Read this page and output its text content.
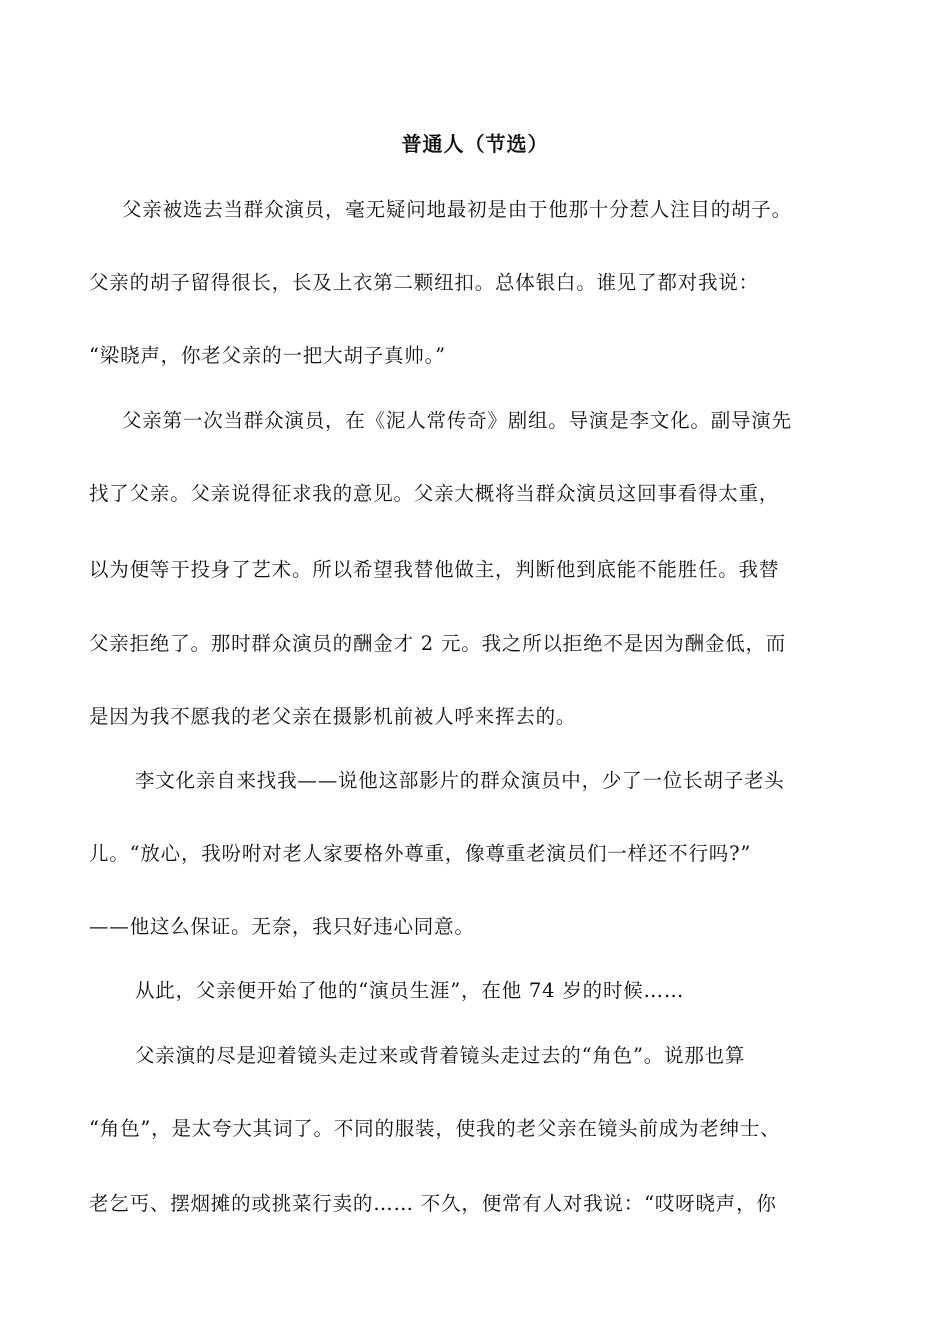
普通人（节选）
父亲被选去当群众演员，毫无疑问地最初是由于他那十分惹人注目的胡子。
父亲的胡子留得很长，长及上衣第二颗纽扣。总体银白。谁见了都对我说：
“梁晓声，你老父亲的一把大胡子真帅。”
父亲第一次当群众演员，在《泥人常传奇》剧组。导演是李文化。副导演先
找了父亲。父亲说得征求我的意见。父亲大概将当群众演员这回事看得太重，
以为便等于投身了艺术。所以希望我替他做主，判断他到底能不能胜任。我替
父亲拒绝了。那时群众演员的酬金才 2 元。我之所以拒绝不是因为酬金低，而
是因为我不愿我的老父亲在摄影机前被人呼来挥去的。
李文化亲自来找我——说他这部影片的群众演员中，少了一位长胡子老头
儿。“放心，我吩咐对老人家要格外尊重，像尊重老演员们一样还不行吗?”
——他这么保证。无奈，我只好违心同意。
从此，父亲便开始了他的“演员生涯”，在他 74 岁的时候……
父亲演的尽是迎着镜头走过来或背着镜头走过去的“角色”。说那也算
“角色”，是太夸大其词了。不同的服装，使我的老父亲在镜头前成为老绅士、
老乞丐、摆烟摊的或挑菜行卖的…… 不久，便常有人对我说：“哎呀晓声，你
